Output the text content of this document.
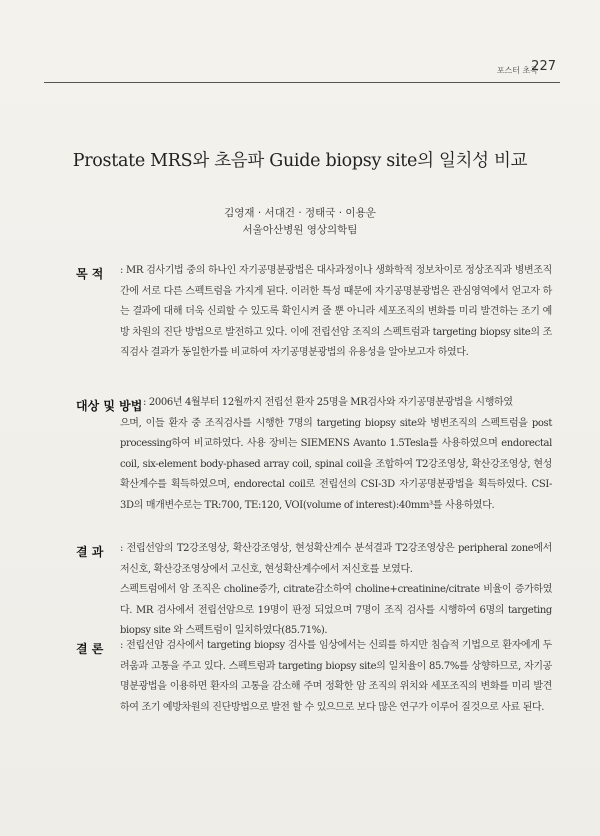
포스터 초록
227
Prostate MRS와 초음파 Guide biopsy site의 일치성 비교
김영재 · 서대건 · 정태국 · 이용운
서울아산병원 영상의학팀
목 적 : MR 검사기법 중의 하나인 자기공명분광법은 대사과정이나 생화학적 정보차이로 정상조직과 병변조직 간에 서로 다른 스펙트럼을 가지게 된다. 이러한 특성 때문에 자기공명분광법은 관심영역에서 얻고자 하는 결과에 대해 더욱 신뢰할 수 있도록 확인시켜 줄 뿐 아니라 세포조직의 변화를 미리 발견하는 조기 예방 차원의 진단 방법으로 발전하고 있다. 이에 전립선암 조직의 스펙트럼과 targeting biopsy site의 조직검사 결과가 동일한가를 비교하여 자기공명분광법의 유용성을 알아보고자 하였다.

대상 및 방법 : 2006년 4월부터 12월까지 전립선 환자 25명을 MR검사와 자기공명분광법을 시행하였

으며, 이들 환자 중 조직검사를 시행한 7명의 targeting biopsy site와 병변조직의 스펙트럼을 post processing하여 비교하였다. 사용 장비는 SIEMENS Avanto 1.5Tesla를 사용하였으며 endorectal coil, six-element body-phased array coil, spinal coil을 조합하여 T2강조영상, 확산강조영상, 현성확산계수를 획득하였으며, endorectal coil로 전립선의 CSI-3D 자기공명분광법을 획득하였다. CSI-3D의 매개변수로는 TR:700, TE:120, VOI(volume of interest):40mm³를 사용하였다.

결 과 : 전립선암의 T2강조영상, 확산강조영상, 현성확산계수 분석결과 T2강조영상은 peripheral zone에서 저신호, 확산강조영상에서 고신호, 현성확산계수에서 저신호를 보였다.

스펙트럼에서 암 조직은 choline증가, citrate감소하여 choline+creatinine/citrate 비율이 증가하였다. MR 검사에서 전립선암으로 19명이 판정 되었으며 7명이 조직 검사를 시행하여 6명의 targeting biopsy site 와 스펙트럼이 일치하였다(85.71%).

결 론 : 전립선암 검사에서 targeting biopsy 검사를 임상에서는 신뢰를 하지만 침습적 기법으로 환자에게 두려움과 고통을 주고 있다. 스펙트럼과 targeting biopsy site의 일치율이 85.7%를 상향하므로, 자기공명분광법을 이용하면 환자의 고통을 감소해 주며 정확한 암 조직의 위치와 세포조직의 변화를 미리 발견하여 조기 예방차원의 진단방법으로 발전 할 수 있으므로 보다 많은 연구가 이루어 질것으로 사료 된다.
